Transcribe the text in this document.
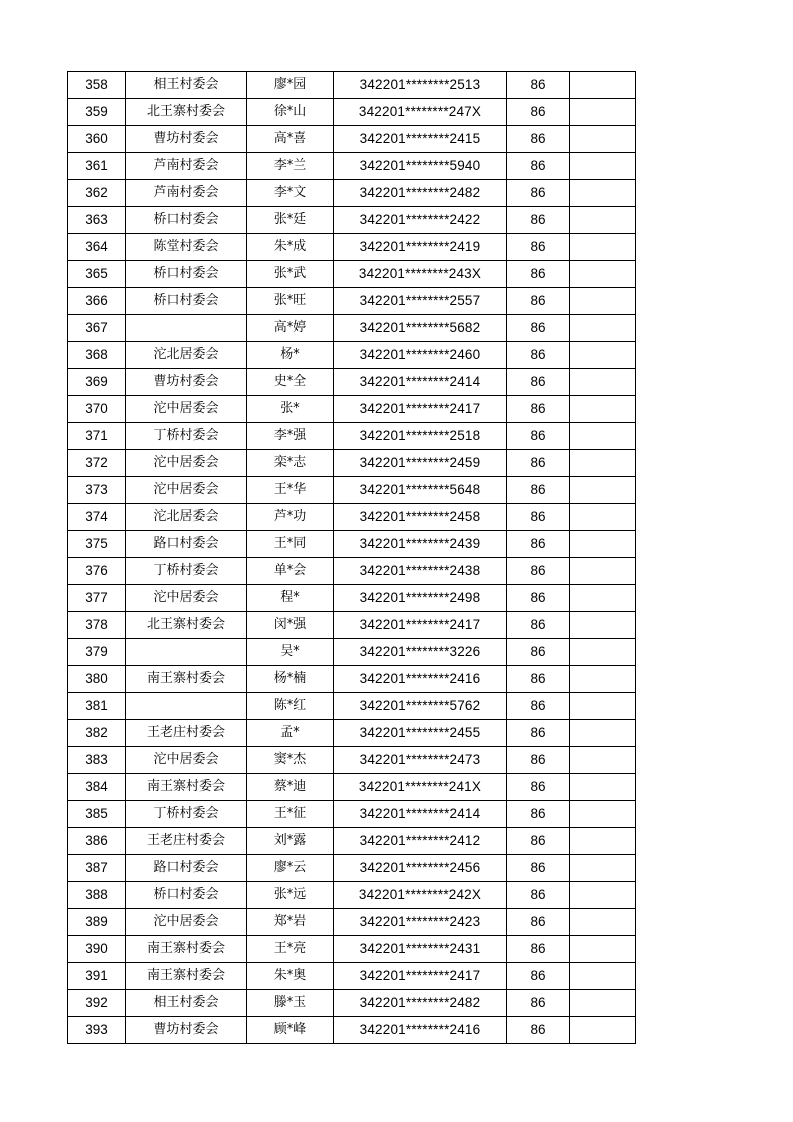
358	相王村委会	廖*园	342201********2513	86	
359	北王寨村委会	徐*山	342201********247X	86	
360	曹坊村委会	高*喜	342201********2415	86	
361	芦南村委会	李*兰	342201********5940	86	
362	芦南村委会	李*文	342201********2482	86	
363	桥口村委会	张*廷	342201********2422	86	
364	陈堂村委会	朱*成	342201********2419	86	
365	桥口村委会	张*武	342201********243X	86	
366	桥口村委会	张*旺	342201********2557	86	
367		高*婷	342201********5682	86	
368	沱北居委会	杨*	342201********2460	86	
369	曹坊村委会	史*全	342201********2414	86	
370	沱中居委会	张*	342201********2417	86	
371	丁桥村委会	李*强	342201********2518	86	
372	沱中居委会	栾*志	342201********2459	86	
373	沱中居委会	王*华	342201********5648	86	
374	沱北居委会	芦*功	342201********2458	86	
375	路口村委会	王*同	342201********2439	86	
376	丁桥村委会	单*会	342201********2438	86	
377	沱中居委会	程*	342201********2498	86	
378	北王寨村委会	闵*强	342201********2417	86	
379		吴*	342201********3226	86	
380	南王寨村委会	杨*楠	342201********2416	86	
381		陈*红	342201********5762	86	
382	王老庄村委会	孟*	342201********2455	86	
383	沱中居委会	窦*杰	342201********2473	86	
384	南王寨村委会	蔡*迪	342201********241X	86	
385	丁桥村委会	王*征	342201********2414	86	
386	王老庄村委会	刘*露	342201********2412	86	
387	路口村委会	廖*云	342201********2456	86	
388	桥口村委会	张*远	342201********242X	86	
389	沱中居委会	郑*岩	342201********2423	86	
390	南王寨村委会	王*亮	342201********2431	86	
391	南王寨村委会	朱*奥	342201********2417	86	
392	相王村委会	滕*玉	342201********2482	86	
393	曹坊村委会	顾*峰	342201********2416	86	
